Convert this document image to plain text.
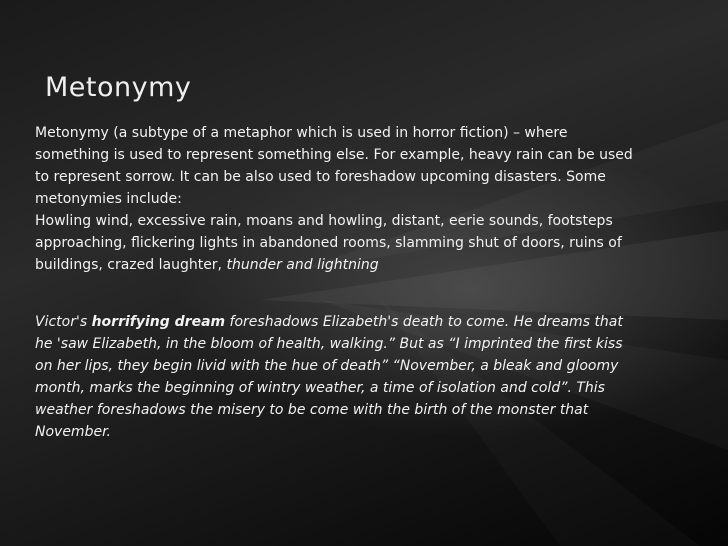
Metonymy
Metonymy (a subtype of a metaphor which is used in horror fiction) – where something is used to represent something else. For example, heavy rain can be used to represent sorrow. It can be also used to foreshadow upcoming disasters. Some metonymies include:
Howling wind, excessive rain, moans and howling, distant, eerie sounds, footsteps approaching, flickering lights in abandoned rooms, slamming shut of doors, ruins of buildings, crazed laughter, thunder and lightning
Victor's horrifying dream foreshadows Elizabeth's death to come. He dreams that he 'saw Elizabeth, in the bloom of health, walking.” But as “I imprinted the first kiss on her lips, they begin livid with the hue of death” “November, a bleak and gloomy month, marks the beginning of wintry weather, a time of isolation and cold”. This weather foreshadows the misery to be come with the birth of the monster that November.
